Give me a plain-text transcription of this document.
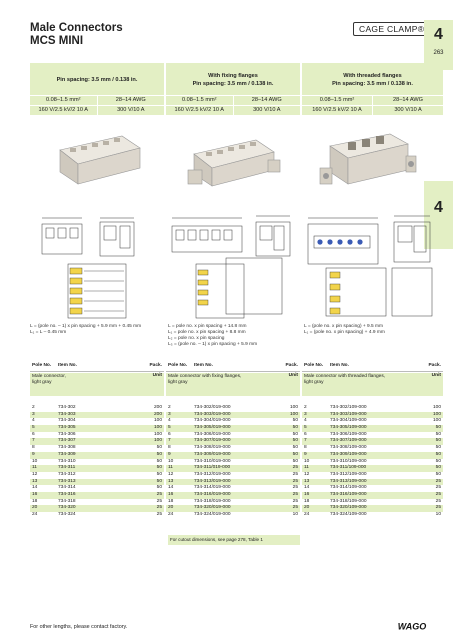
Male Connectors
MCS MINI
CAGE CLAMP® 4
263
4
Pin spacing: 3.5 mm / 0.138 in.
0.08–1.5 mm²	28–14 AWG
160 V/2.5 kV/2 10 A	300 V/10 A
With fixing flanges
Pin spacing: 3.5 mm / 0.138 in.
0.08–1.5 mm²	28–14 AWG
160 V/2.5 kV/2 10 A	300 V/10 A
With threaded flanges
Pin spacing: 3.5 mm / 0.138 in.
0.08–1.5 mm²	28–14 AWG
160 V/2.5 kV/2 10 A	300 V/10 A
L = (pole no. – 1) x pin spacing + 5.9 mm + 0.45 mm
L₁ = L – 0.45 mm
L = pole no. x pin spacing + 14.8 mm
L₁ = pole no. x pin spacing + 8.8 mm
L₂ = pole no. x pin spacing
L₃ = (pole no. – 1) x pin spacing + 5.9 mm
L = (pole no. x pin spacing) + 9.5 mm
L₁ = (pole no. x pin spacing) + 4.9 mm
Pole No.	Item No.	Pack. Unit
Male connector,
light gray
2	734-302	200
3	734-303	200
4	734-304	100
5	734-305	100
6	734-306	100
7	734-307	100
8	734-308	50
9	734-309	50
10	734-310	50
11	734-311	50
12	734-312	50
13	734-313	50
14	734-314	50
16	734-316	25
18	734-318	25
20	734-320	25
24	734-324	25
Pole No.	Item No.	Pack. Unit
Male connector with fixing flanges,
light gray
2	734-302/019-000	100
3	734-303/019-000	100
4	734-304/019-000	50
5	734-305/019-000	50
6	734-306/019-000	50
7	734-307/019-000	50
8	734-308/019-000	50
9	734-309/019-000	50
10	734-310/019-000	50
11	734-311/019-000	25
12	734-312/019-000	25
13	734-313/019-000	25
14	734-314/019-000	25
16	734-316/019-000	25
18	734-318/019-000	25
20	734-320/019-000	25
24	734-324/019-000	10
Pole No.	Item No.	Pack. Unit
Male connector with threaded flanges,
light gray
2	734-302/109-000	100
3	734-303/109-000	100
4	734-304/109-000	100
5	734-305/109-000	50
6	734-306/109-000	50
7	734-307/109-000	50
8	734-308/109-000	50
9	734-309/109-000	50
10	734-310/109-000	50
11	734-311/109-000	50
12	734-312/109-000	50
13	734-313/109-000	25
14	734-314/109-000	25
16	734-316/109-000	25
18	734-318/109-000	25
20	734-320/109-000	25
24	734-324/109-000	10
For cutout dimensions, see page 278, Table 1
For other lengths, please contact factory.	WAGO
